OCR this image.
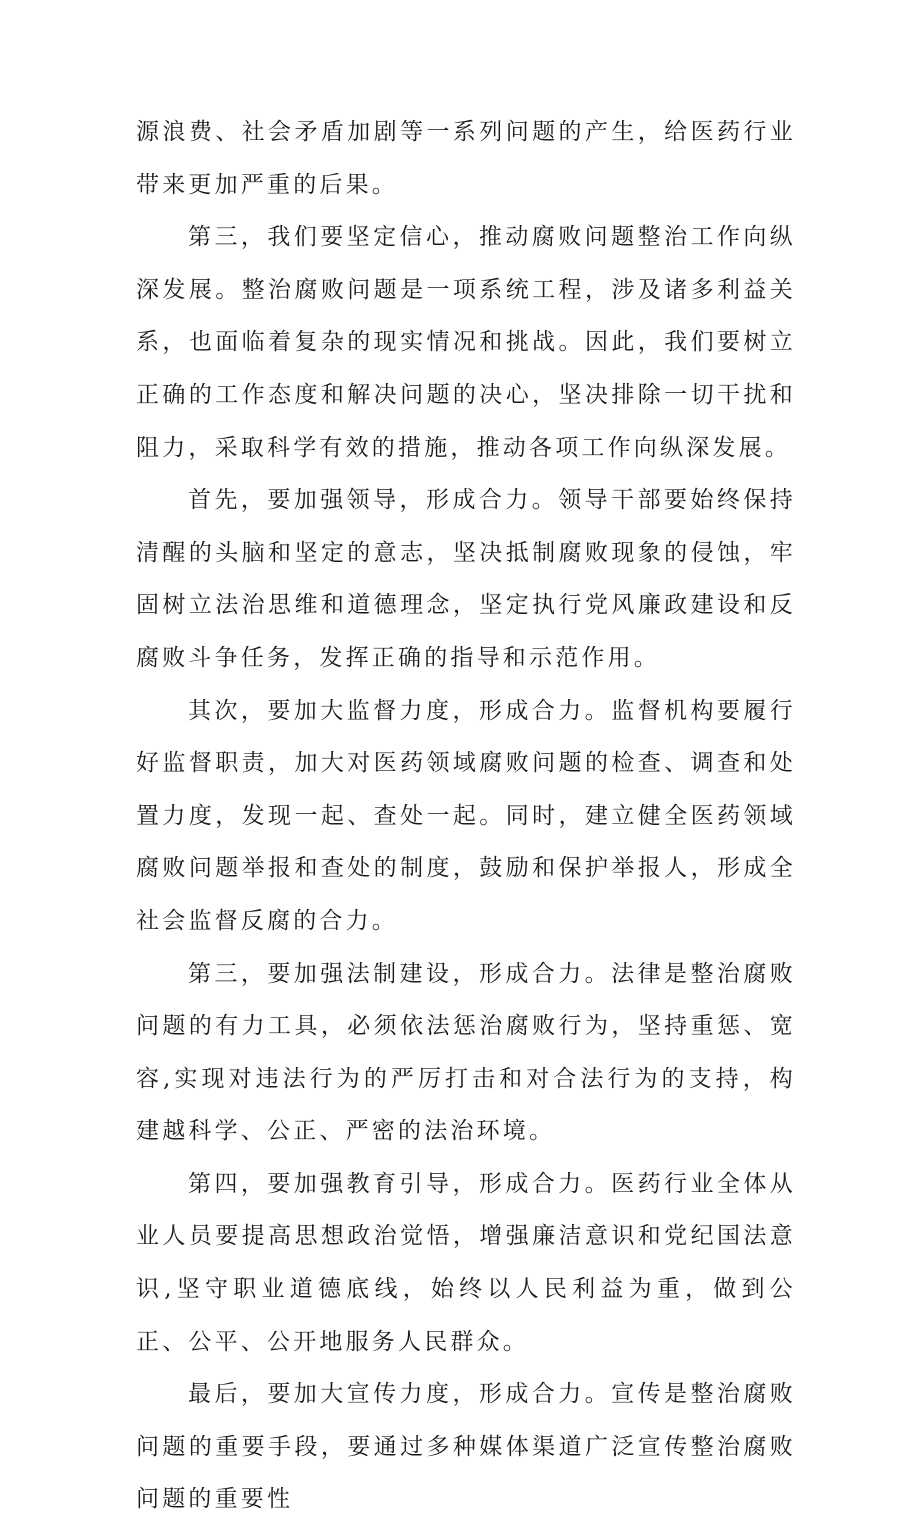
源浪费、社会矛盾加剧等一系列问题的产生，给医药行业带来更加严重的后果。

第三，我们要坚定信心，推动腐败问题整治工作向纵深发展。整治腐败问题是一项系统工程，涉及诸多利益关系，也面临着复杂的现实情况和挑战。因此，我们要树立正确的工作态度和解决问题的决心，坚决排除一切干扰和阻力，采取科学有效的措施，推动各项工作向纵深发展。

首先，要加强领导，形成合力。领导干部要始终保持清醒的头脑和坚定的意志，坚决抵制腐败现象的侵蚀，牢固树立法治思维和道德理念，坚定执行党风廉政建设和反腐败斗争任务，发挥正确的指导和示范作用。

其次，要加大监督力度，形成合力。监督机构要履行好监督职责，加大对医药领域腐败问题的检查、调查和处置力度，发现一起、查处一起。同时，建立健全医药领域腐败问题举报和查处的制度，鼓励和保护举报人，形成全社会监督反腐的合力。

第三，要加强法制建设，形成合力。法律是整治腐败问题的有力工具，必须依法惩治腐败行为，坚持重惩、宽容,实现对违法行为的严厉打击和对合法行为的支持，构建越科学、公正、严密的法治环境。

第四，要加强教育引导，形成合力。医药行业全体从业人员要提高思想政治觉悟，增强廉洁意识和党纪国法意识,坚守职业道德底线，始终以人民利益为重，做到公正、公平、公开地服务人民群众。

最后，要加大宣传力度，形成合力。宣传是整治腐败问题的重要手段，要通过多种媒体渠道广泛宣传整治腐败问题的重要性
